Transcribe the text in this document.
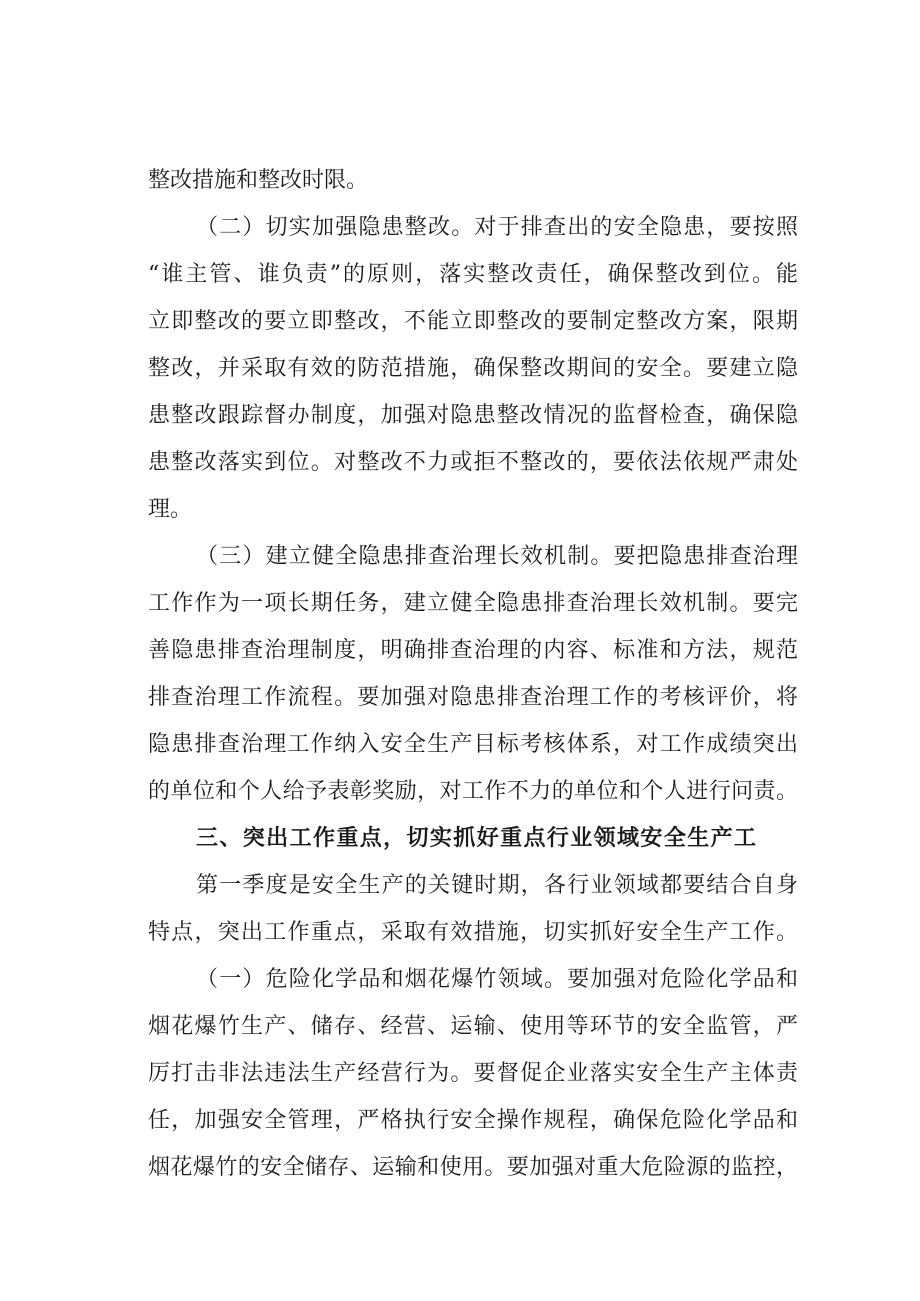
整改措施和整改时限。
（二）切实加强隐患整改。对于排查出的安全隐患，要按照
“谁主管、谁负责”的原则，落实整改责任，确保整改到位。能
立即整改的要立即整改，不能立即整改的要制定整改方案，限期
整改，并采取有效的防范措施，确保整改期间的安全。要建立隐
患整改跟踪督办制度，加强对隐患整改情况的监督检查，确保隐
患整改落实到位。对整改不力或拒不整改的，要依法依规严肃处
理。
（三）建立健全隐患排查治理长效机制。要把隐患排查治理
工作作为一项长期任务，建立健全隐患排查治理长效机制。要完
善隐患排查治理制度，明确排查治理的内容、标准和方法，规范
排查治理工作流程。要加强对隐患排查治理工作的考核评价，将
隐患排查治理工作纳入安全生产目标考核体系，对工作成绩突出
的单位和个人给予表彰奖励，对工作不力的单位和个人进行问责。
三、突出工作重点，切实抓好重点行业领域安全生产工
第一季度是安全生产的关键时期，各行业领域都要结合自身
特点，突出工作重点，采取有效措施，切实抓好安全生产工作。
（一）危险化学品和烟花爆竹领域。要加强对危险化学品和
烟花爆竹生产、储存、经营、运输、使用等环节的安全监管，严
厉打击非法违法生产经营行为。要督促企业落实安全生产主体责
任，加强安全管理，严格执行安全操作规程，确保危险化学品和
烟花爆竹的安全储存、运输和使用。要加强对重大危险源的监控，
